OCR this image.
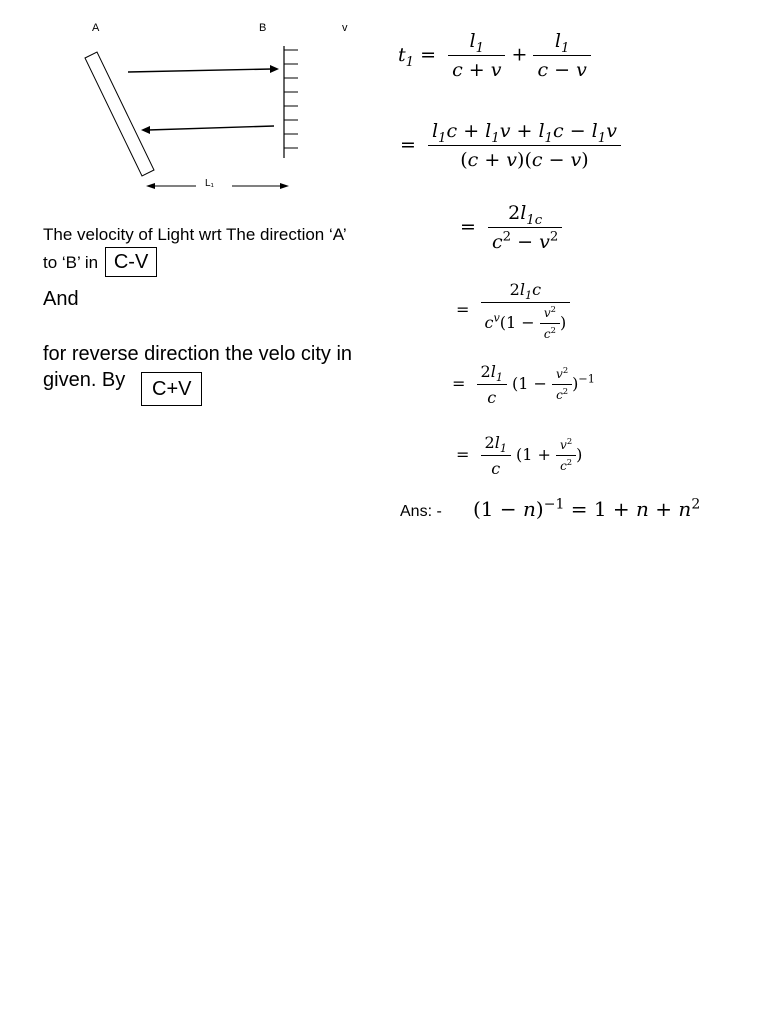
A	B	v
L₁
The velocity of Light wrt The direction ‘A’
to ‘B’ in C-V
And
for reverse direction the velo city in
given. By	C+V
$t_1 = \frac{l_1}{c + v} + \frac{l_1}{c - v}$
= $\frac{l_1c + l_1v + l_1c - l_1v}{(c + v)(c - v)}$
= $\frac{2l_{1c}}{c^2 - v^2}$
= $\frac{2l_1c}{c^v(1 - \frac{v^2}{c^2} )}$
= $\frac{2l_1}{c} (1 - \frac{v^2}{c^2} )^{-1}$
= $\frac{2l_1}{c} (1 + \frac{v^2}{c^2}$ )
Ans: - $(1 - n)^{-1} = 1 + n + n^2$
